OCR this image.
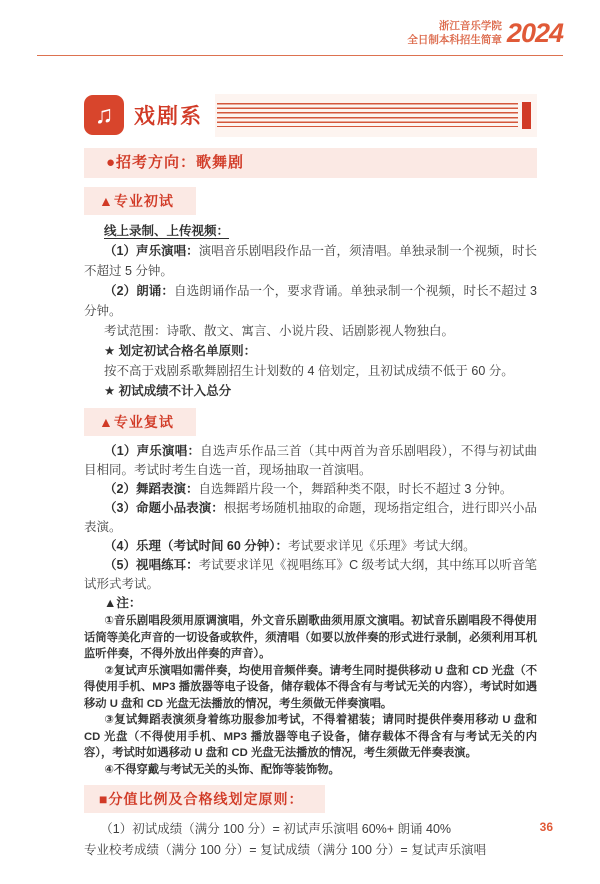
浙江音乐学院
全日制本科招生简章 2024
♫ 戏剧系
●招考方向：歌舞剧
▲专业初试

线上录制、上传视频：

（1）声乐演唱：演唱音乐剧唱段作品一首，须清唱。单独录制一个视频，时长不超过 5 分钟。

（2）朗诵：自选朗诵作品一个，要求背诵。单独录制一个视频，时长不超过 3 分钟。

考试范围：诗歌、散文、寓言、小说片段、话剧影视人物独白。

★ 划定初试合格名单原则：

按不高于戏剧系歌舞剧招生计划数的 4 倍划定，且初试成绩不低于 60 分。

★ 初试成绩不计入总分

▲专业复试

（1）声乐演唱：自选声乐作品三首（其中两首为音乐剧唱段），不得与初试曲目相同。考试时考生自选一首，现场抽取一首演唱。

（2）舞蹈表演：自选舞蹈片段一个，舞蹈种类不限，时长不超过 3 分钟。

（3）命题小品表演：根据考场随机抽取的命题，现场指定组合，进行即兴小品表演。

（4）乐理（考试时间 60 分钟）：考试要求详见《乐理》考试大纲。

（5）视唱练耳：考试要求详见《视唱练耳》C 级考试大纲，其中练耳以听音笔试形式考试。

▲注：

①音乐剧唱段须用原调演唱，外文音乐剧歌曲须用原文演唱。初试音乐剧唱段不得使用话筒等美化声音的一切设备或软件，须清唱（如要以放伴奏的形式进行录制，必须利用耳机监听伴奏，不得外放出伴奏的声音）。

②复试声乐演唱如需伴奏，均使用音频伴奏。请考生同时提供移动 U 盘和 CD 光盘（不得使用手机、MP3 播放器等电子设备，储存载体不得含有与考试无关的内容），考试时如遇移动 U 盘和 CD 光盘无法播放的情况，考生须做无伴奏演唱。

③复试舞蹈表演须身着练功服参加考试，不得着裙装；请同时提供伴奏用移动 U 盘和 CD 光盘（不得使用手机、MP3 播放器等电子设备，储存载体不得含有与考试无关的内容），考试时如遇移动 U 盘和 CD 光盘无法播放的情况，考生须做无伴奏表演。

④不得穿戴与考试无关的头饰、配饰等装饰物。

■分值比例及合格线划定原则：

（1）初试成绩（满分 100 分）= 初试声乐演唱 60%+ 朗诵 40%

专业校考成绩（满分 100 分）= 复试成绩（满分 100 分）= 复试声乐演唱

36
